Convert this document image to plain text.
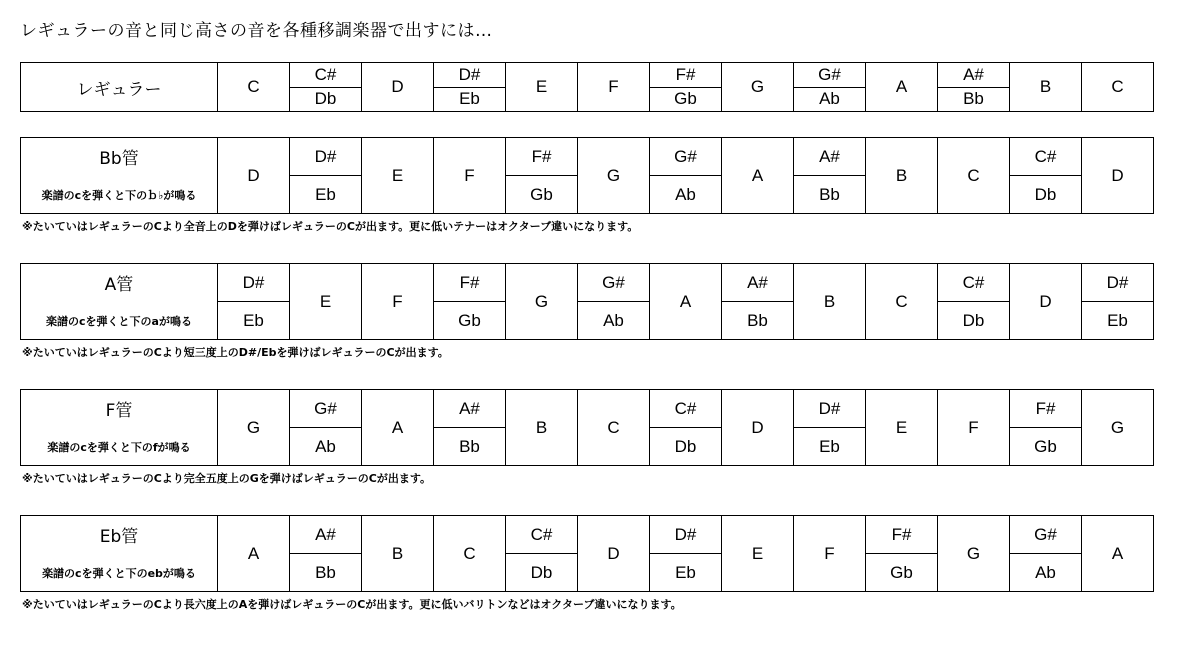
レギュラーの音と同じ高さの音を各種移調楽器で出すには…
レギュラー	C	C#	D	D#	E	F	F#	G	G#	A	A#	B	C
		Db		Eb			Gb		Ab		Bb		
Bb管	D	D#	E	F	F#	G	G#	A	A#	B	C	C#	D
楽譜のcを弾くと下のｂ♭が鳴る		Eb			Gb		Ab		Bb			Db	
※たいていはレギュラーのCより全音上のDを弾けばレギュラーのCが出ます。更に低いテナーはオクターブ違いになります。
A管	D#	E	F	F#	G	G#	A	A#	B	C	C#	D	D#
楽譜のcを弾くと下のaが鳴る	Eb			Gb		Ab		Bb			Db		Eb
※たいていはレギュラーのCより短三度上のD#/Ebを弾けばレギュラーのCが出ます。
F管	G	G#	A	A#	B	C	C#	D	D#	E	F	F#	G
楽譜のcを弾くと下のfが鳴る		Ab		Bb			Db		Eb			Gb	
※たいていはレギュラーのCより完全五度上のGを弾けばレギュラーのCが出ます。
Eb管	A	A#	B	C	C#	D	D#	E	F	F#	G	G#	A
楽譜のcを弾くと下のebが鳴る		Bb			Db		Eb			Gb		Ab	
※たいていはレギュラーのCより長六度上のAを弾けばレギュラーのCが出ます。更に低いバリトンなどはオクターブ違いになります。
